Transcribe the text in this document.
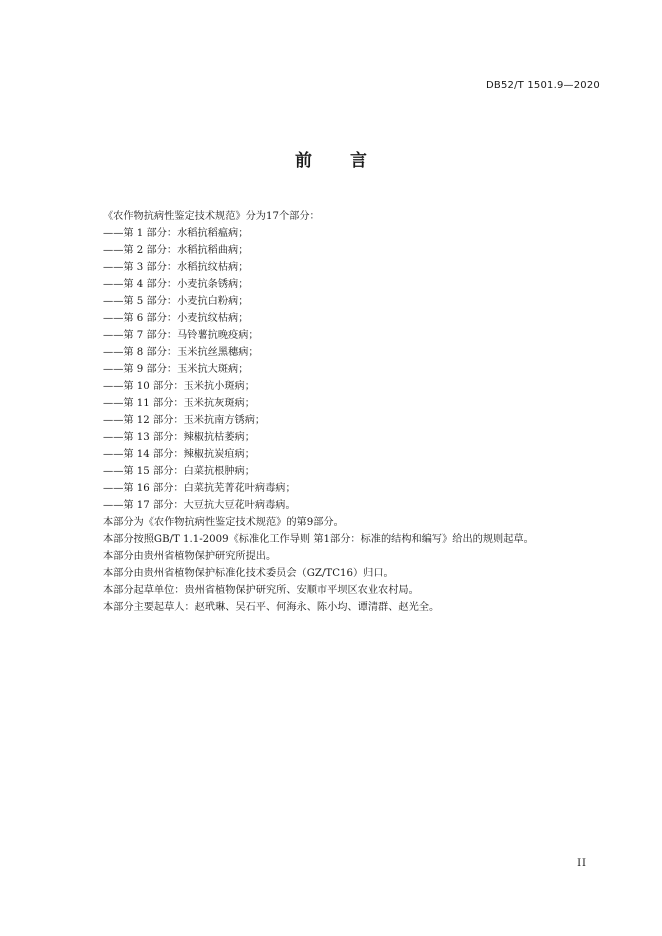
DB52/T 1501.9—2020
前言
《农作物抗病性鉴定技术规范》分为17个部分：
——第 1 部分：水稻抗稻瘟病；
——第 2 部分：水稻抗稻曲病；
——第 3 部分：水稻抗纹枯病；
——第 4 部分：小麦抗条锈病；
——第 5 部分：小麦抗白粉病；
——第 6 部分：小麦抗纹枯病；
——第 7 部分：马铃薯抗晚疫病；
——第 8 部分：玉米抗丝黑穗病；
——第 9 部分：玉米抗大斑病；
——第 10 部分：玉米抗小斑病；
——第 11 部分：玉米抗灰斑病；
——第 12 部分：玉米抗南方锈病；
——第 13 部分：辣椒抗枯萎病；
——第 14 部分：辣椒抗炭疽病；
——第 15 部分：白菜抗根肿病；
——第 16 部分：白菜抗芜菁花叶病毒病；
——第 17 部分：大豆抗大豆花叶病毒病。
本部分为《农作物抗病性鉴定技术规范》的第9部分。
本部分按照GB/T 1.1-2009《标准化工作导则 第1部分：标准的结构和编写》给出的规则起草。
本部分由贵州省植物保护研究所提出。
本部分由贵州省植物保护标准化技术委员会（GZ/TC16）归口。
本部分起草单位：贵州省植物保护研究所、安顺市平坝区农业农村局。
本部分主要起草人：赵玳琳、吴石平、何海永、陈小均、谭清群、赵光全。
II
